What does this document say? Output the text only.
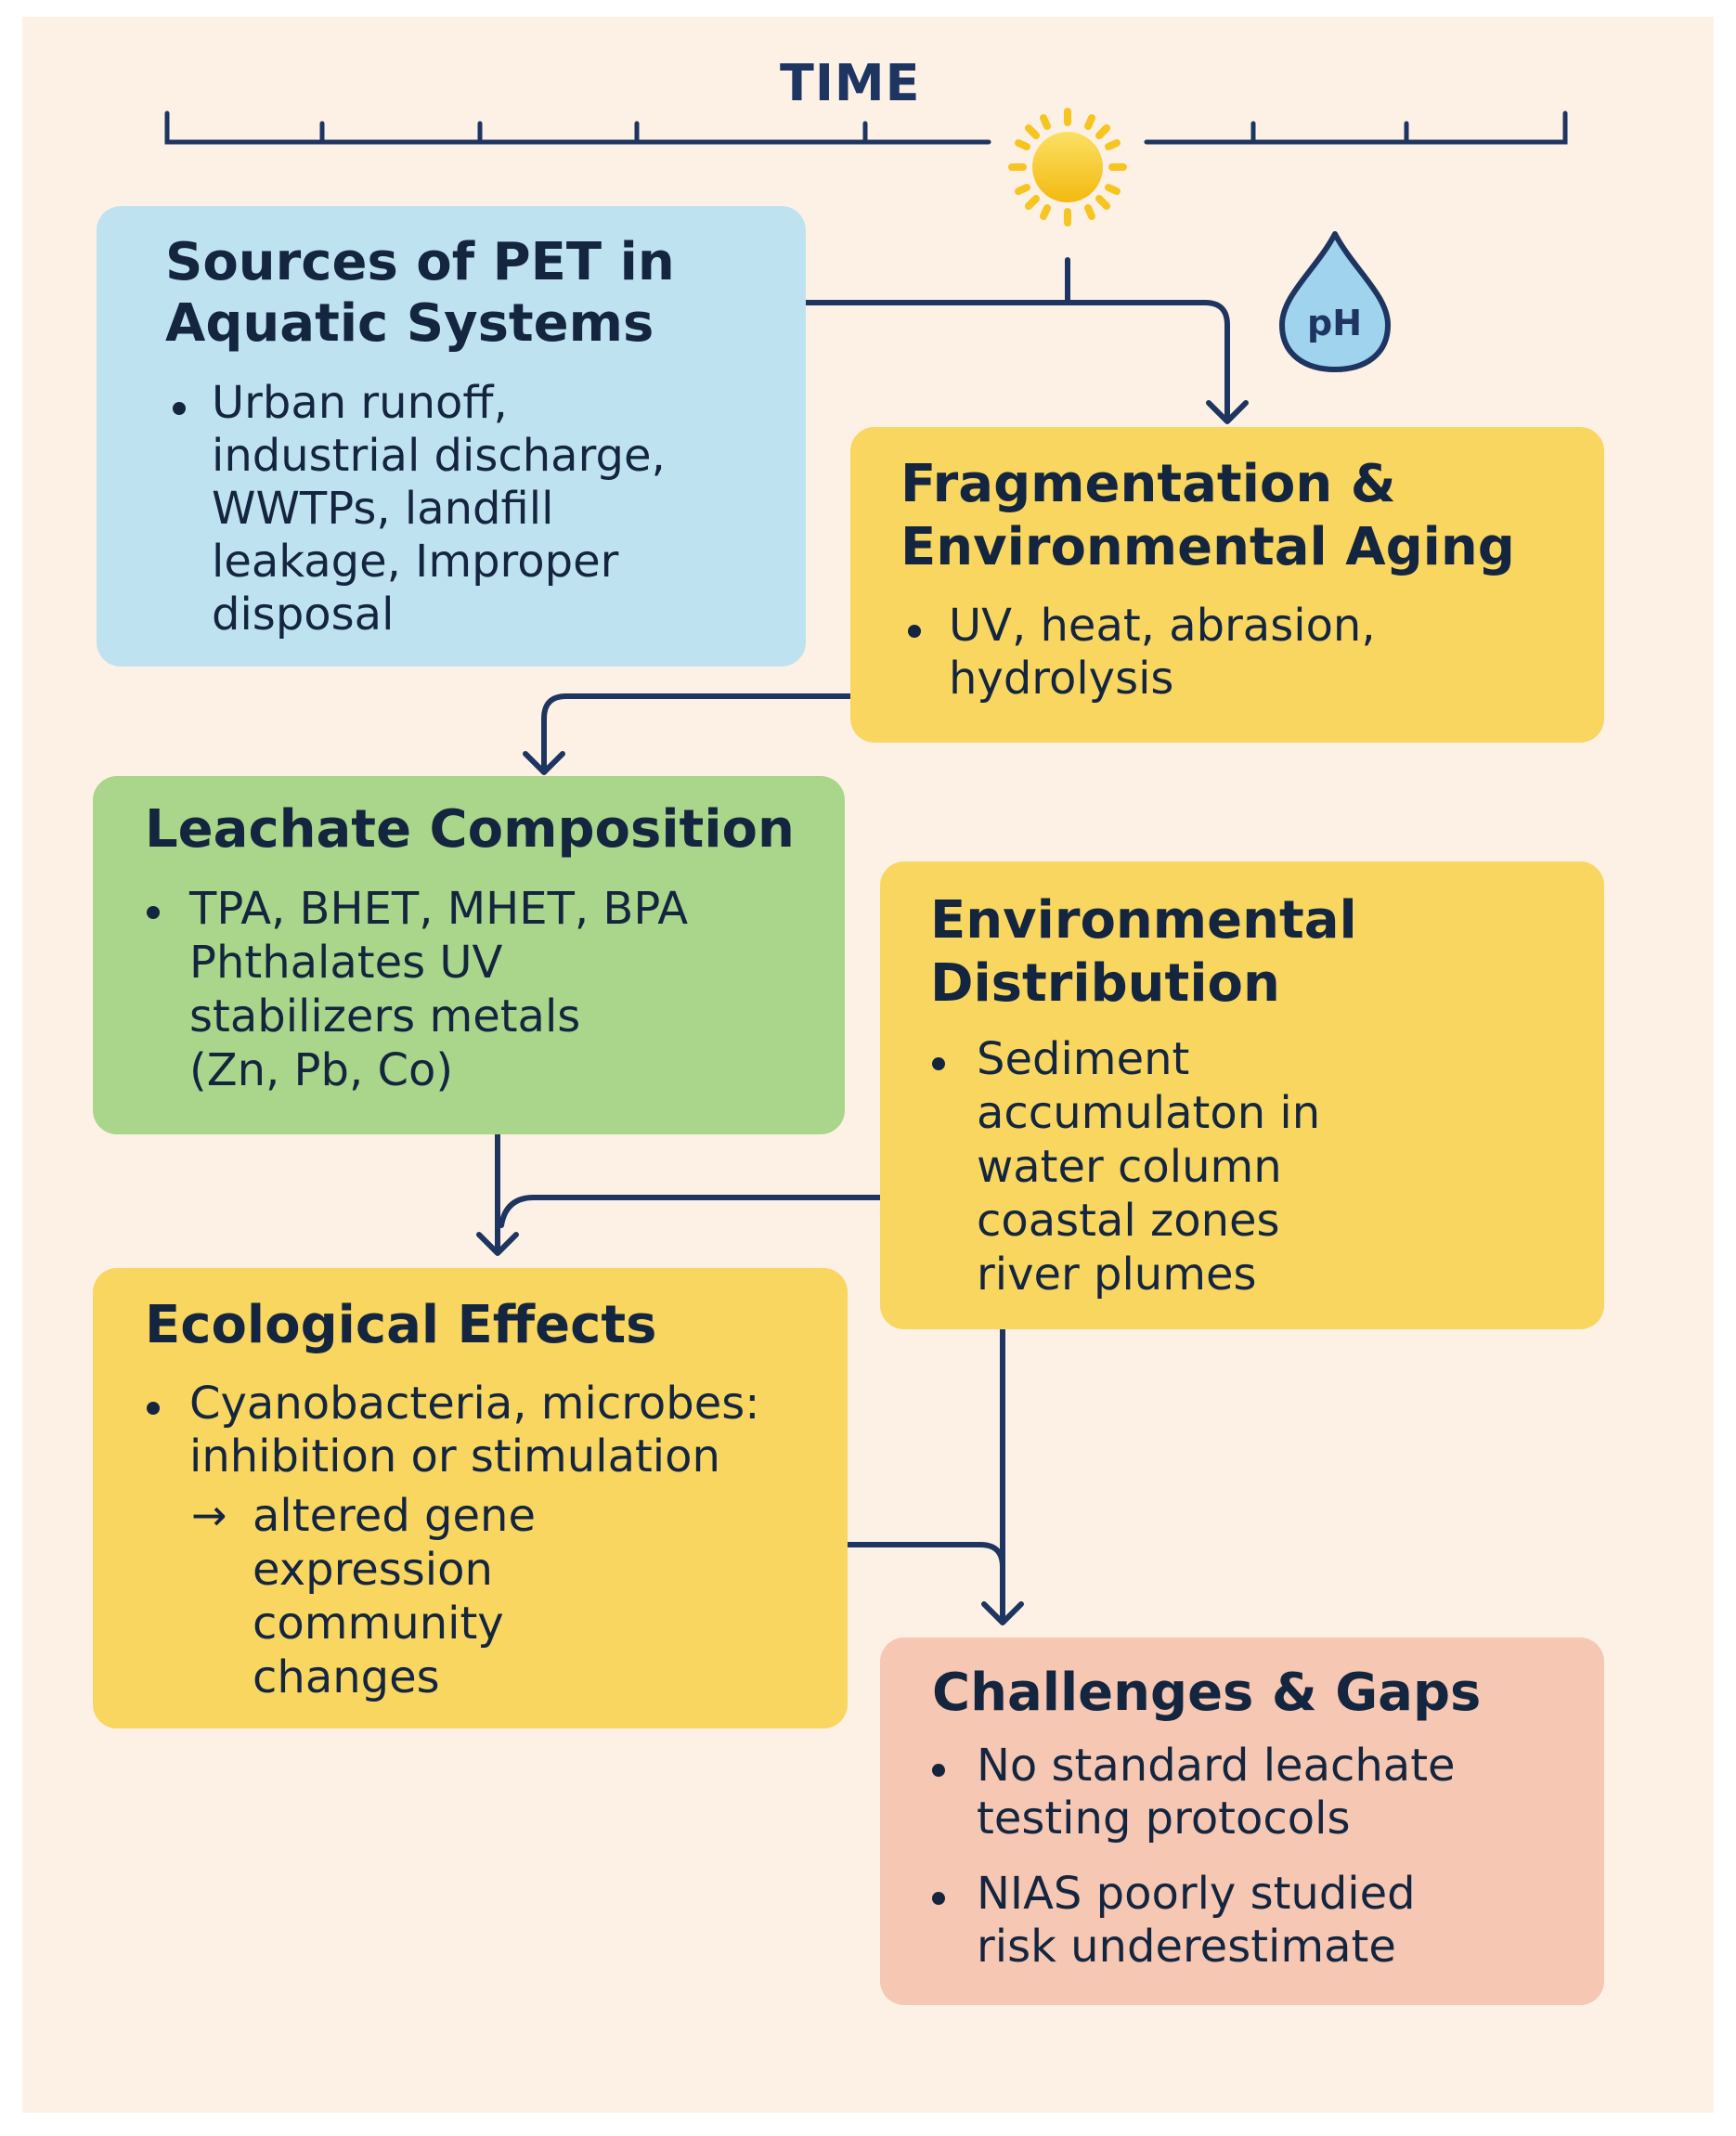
TIME
pH
Sources of PET in
Aquatic Systems
Urban runoff,
industrial discharge,
WWTPs, landfill
leakage, Improper
disposal
Fragmentation &
Environmental Aging
UV, heat, abrasion,
hydrolysis
Leachate Composition
TPA, BHET, MHET, BPA
Phthalates UV
stabilizers metals
(Zn, Pb, Co)
Environmental
Distribution
Sediment
accumulaton in
water column
coastal zones
river plumes
Ecological Effects
Cyanobacteria, microbes:
inhibition or stimulation
→ altered gene
expression
community
changes	Challenges & Gaps
No standard leachate
testing protocols
NIAS poorly studied
risk underestimate
